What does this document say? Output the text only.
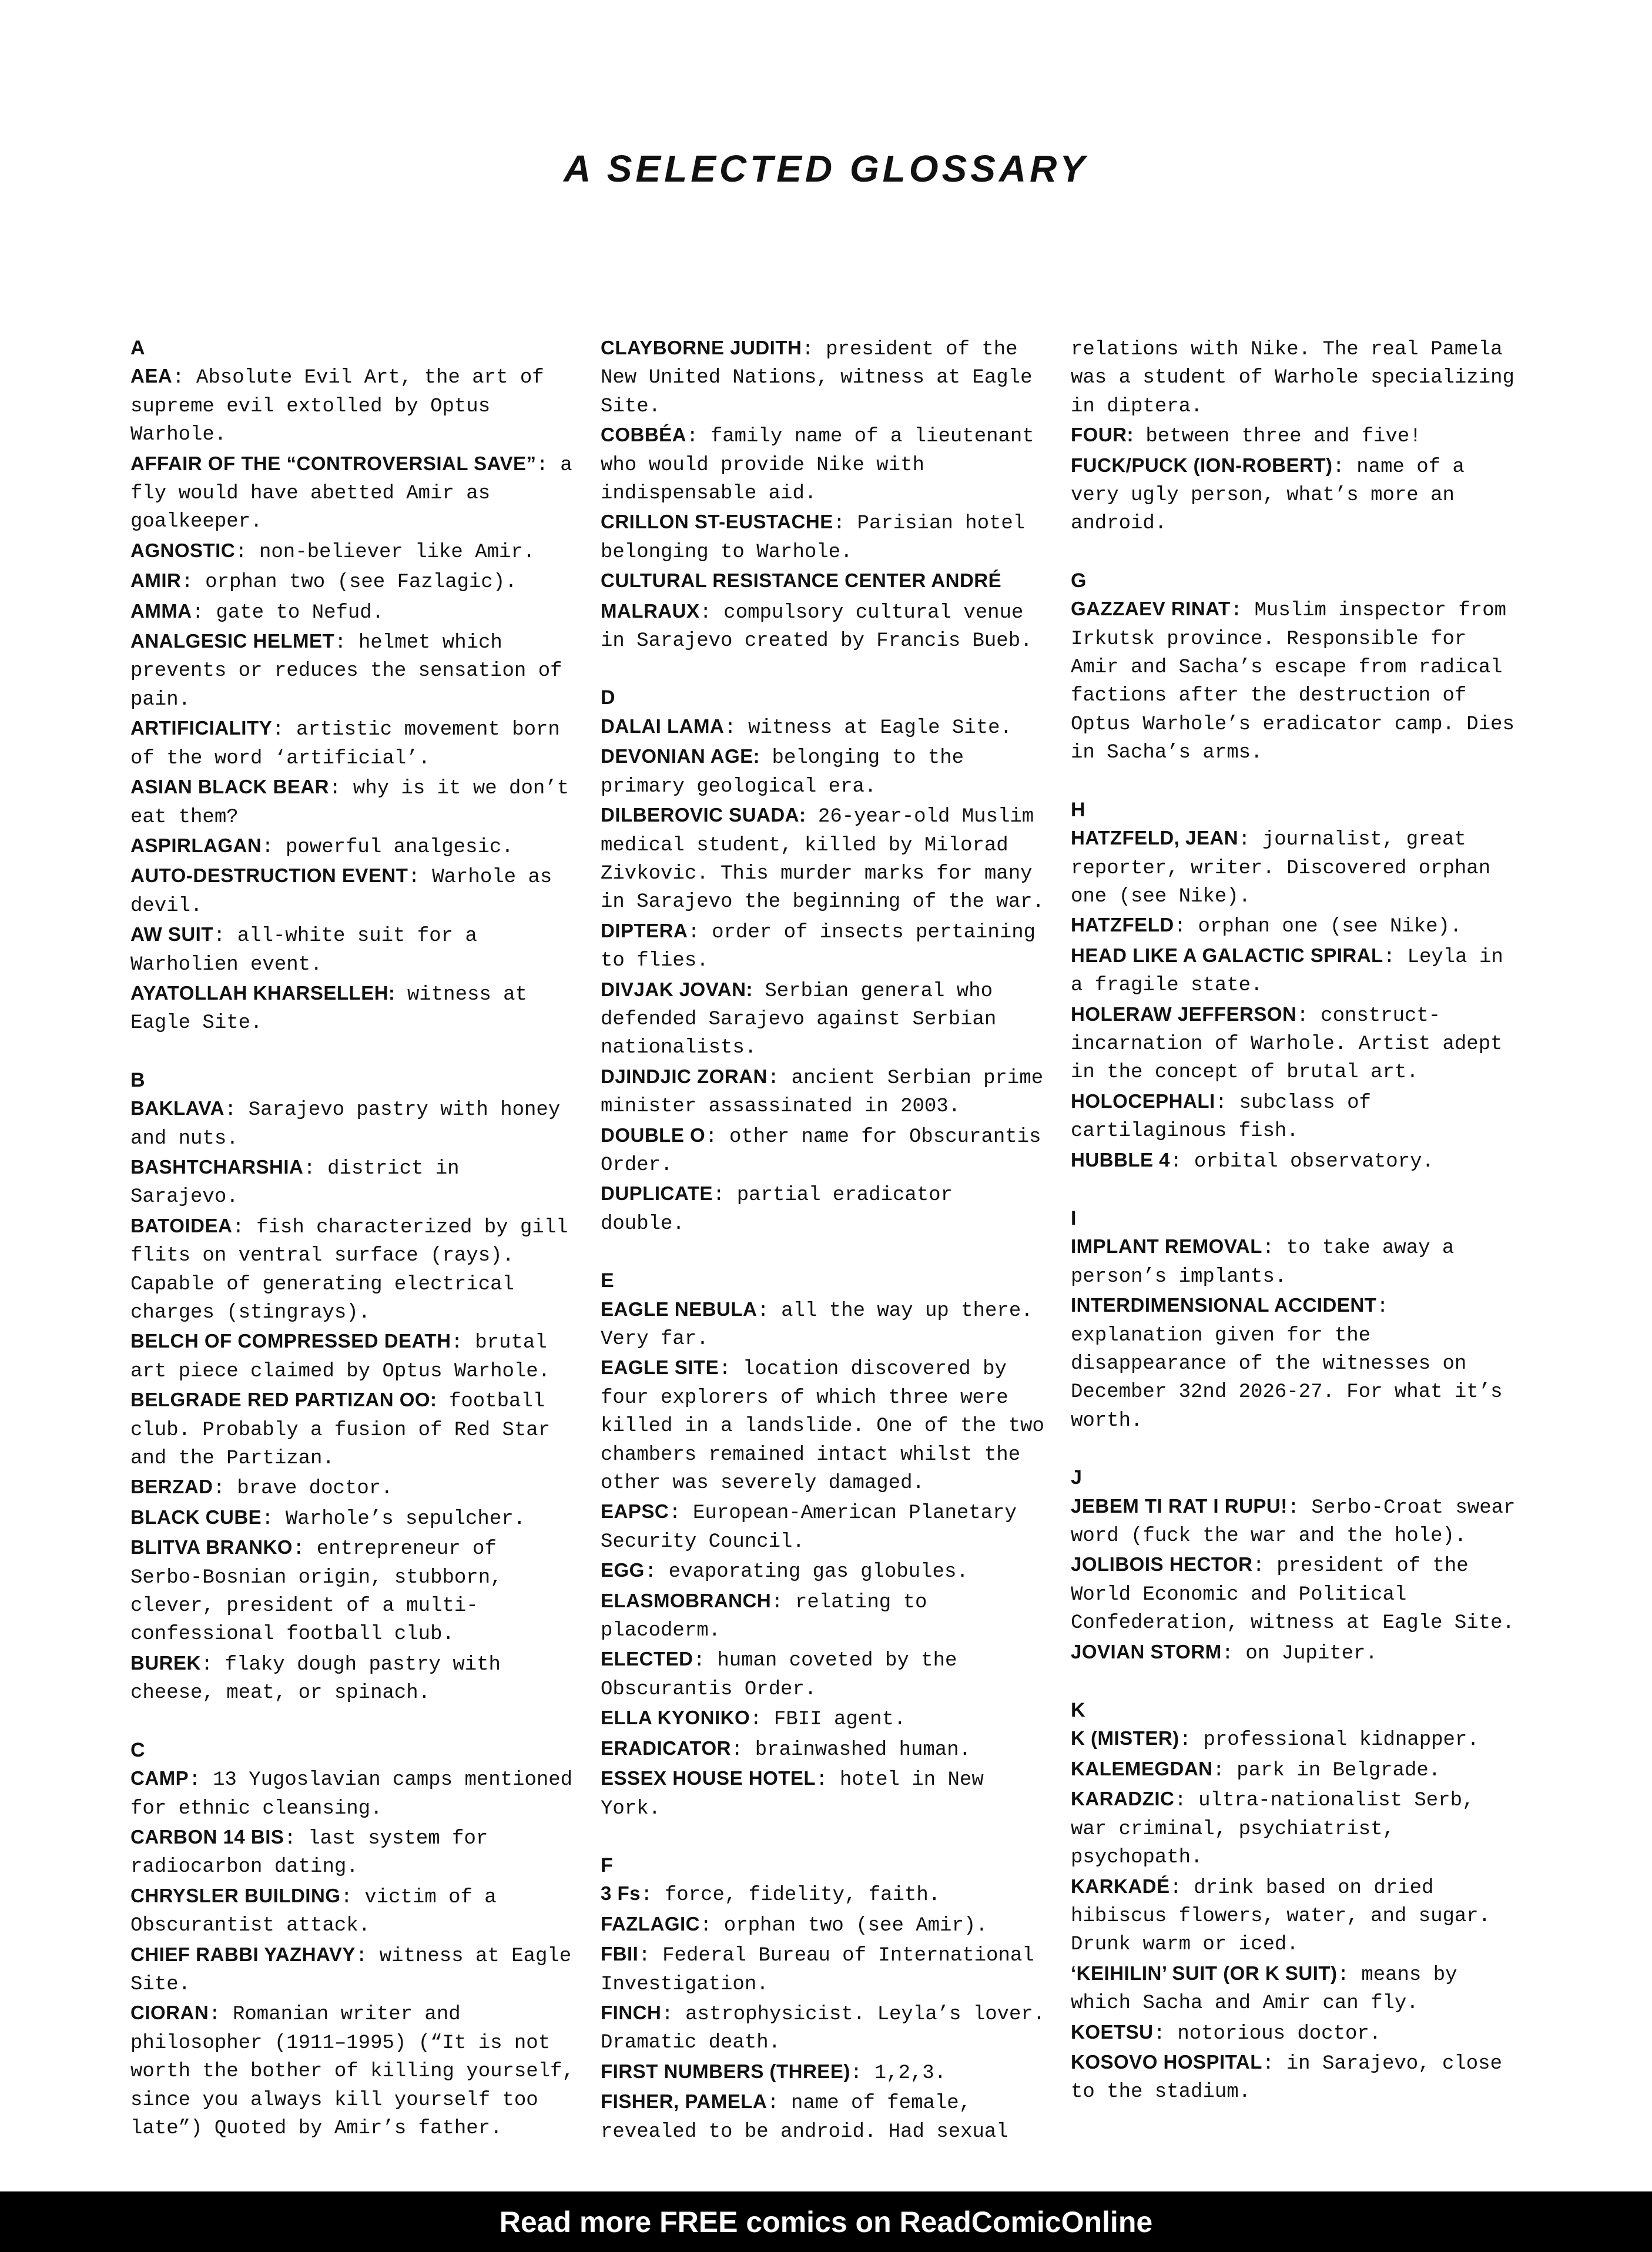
A SELECTED GLOSSARY
A

AEA: Absolute Evil Art, the art of supreme evil extolled by Optus Warhole.

AFFAIR OF THE “CONTROVERSIAL SAVE”: a fly would have abetted Amir as goalkeeper.

AGNOSTIC: non-believer like Amir.

AMIR: orphan two (see Fazlagic).

AMMA: gate to Nefud.

ANALGESIC HELMET: helmet which prevents or reduces the sensation of pain.

ARTIFICIALITY: artistic movement born of the word ‘artificial’.

ASIAN BLACK BEAR: why is it we don’t eat them?

ASPIRLAGAN: powerful analgesic.

AUTO-DESTRUCTION EVENT: Warhole as devil.

AW SUIT: all-white suit for a Warholien event.

AYATOLLAH KHARSELLEH: witness at Eagle Site.

B

BAKLAVA: Sarajevo pastry with honey and nuts.

BASHTCHARSHIA: district in Sarajevo.

BATOIDEA: fish characterized by gill flits on ventral surface (rays). Capable of generating electrical charges (stingrays).

BELCH OF COMPRESSED DEATH: brutal art piece claimed by Optus Warhole.

BELGRADE RED PARTIZAN OO: football club. Probably a fusion of Red Star and the Partizan.

BERZAD: brave doctor.

BLACK CUBE: Warhole’s sepulcher.

BLITVA BRANKO: entrepreneur of Serbo-Bosnian origin, stubborn, clever, president of a multi-confessional football club.

BUREK: flaky dough pastry with cheese, meat, or spinach.

C

CAMP: 13 Yugoslavian camps mentioned for ethnic cleansing.

CARBON 14 BIS: last system for radiocarbon dating.

CHRYSLER BUILDING: victim of a Obscurantist attack.

CHIEF RABBI YAZHAVY: witness at Eagle Site.

CIORAN: Romanian writer and philosopher (1911–1995) (“It is not worth the bother of killing yourself, since you always kill yourself too late”) Quoted by Amir’s father.

CLAYBORNE JUDITH: president of the New United Nations, witness at Eagle Site.

COBBÉA: family name of a lieutenant who would provide Nike with indispensable aid.

CRILLON ST-EUSTACHE: Parisian hotel belonging to Warhole.

CULTURAL RESISTANCE CENTER ANDRÉ MALRAUX: compulsory cultural venue in Sarajevo created by Francis Bueb.

D

DALAI LAMA: witness at Eagle Site.

DEVONIAN AGE: belonging to the primary geological era.

DILBEROVIC SUADA: 26-year-old Muslim medical student, killed by Milorad Zivkovic. This murder marks for many in Sarajevo the beginning of the war.

DIPTERA: order of insects pertaining to flies.

DIVJAK JOVAN: Serbian general who defended Sarajevo against Serbian nationalists.

DJINDJIC ZORAN: ancient Serbian prime minister assassinated in 2003.

DOUBLE O: other name for Obscurantis Order.

DUPLICATE: partial eradicator double.

E

EAGLE NEBULA: all the way up there. Very far.

EAGLE SITE: location discovered by four explorers of which three were killed in a landslide. One of the two chambers remained intact whilst the other was severely damaged.

EAPSC: European-American Planetary Security Council.

EGG: evaporating gas globules.

ELASMOBRANCH: relating to placoderm.

ELECTED: human coveted by the Obscurantis Order.

ELLA KYONIKO: FBII agent.

ERADICATOR: brainwashed human.

ESSEX HOUSE HOTEL: hotel in New York.

F

3 Fs: force, fidelity, faith.

FAZLAGIC: orphan two (see Amir).

FBII: Federal Bureau of International Investigation.

FINCH: astrophysicist. Leyla’s lover. Dramatic death.

FIRST NUMBERS (THREE): 1,2,3.

FISHER, PAMELA: name of female, revealed to be android. Had sexual

relations with Nike. The real Pamela was a student of Warhole specializing in diptera.

FOUR: between three and five!

FUCK/PUCK (ION-ROBERT): name of a very ugly person, what’s more an android.

G

GAZZAEV RINAT: Muslim inspector from Irkutsk province. Responsible for Amir and Sacha’s escape from radical factions after the destruction of Optus Warhole’s eradicator camp. Dies in Sacha’s arms.

H

HATZFELD, JEAN: journalist, great reporter, writer. Discovered orphan one (see Nike).

HATZFELD: orphan one (see Nike).

HEAD LIKE A GALACTIC SPIRAL: Leyla in a fragile state.

HOLERAW JEFFERSON: construct-incarnation of Warhole. Artist adept in the concept of brutal art.

HOLOCEPHALI: subclass of cartilaginous fish.

HUBBLE 4: orbital observatory.

I

IMPLANT REMOVAL: to take away a person’s implants.

INTERDIMENSIONAL ACCIDENT: explanation given for the disappearance of the witnesses on December 32nd 2026-27. For what it’s worth.

J

JEBEM TI RAT I RUPU!: Serbo-Croat swear word (fuck the war and the hole).

JOLIBOIS HECTOR: president of the World Economic and Political Confederation, witness at Eagle Site.

JOVIAN STORM: on Jupiter.

K

K (MISTER): professional kidnapper.

KALEMEGDAN: park in Belgrade.

KARADZIC: ultra-nationalist Serb, war criminal, psychiatrist, psychopath.

KARKADÉ: drink based on dried hibiscus flowers, water, and sugar. Drunk warm or iced.

‘KEIHILIN’ SUIT (OR K SUIT): means by which Sacha and Amir can fly.

KOETSU: notorious doctor.

KOSOVO HOSPITAL: in Sarajevo, close to the stadium.

Read more FREE comics on ReadComicOnline
